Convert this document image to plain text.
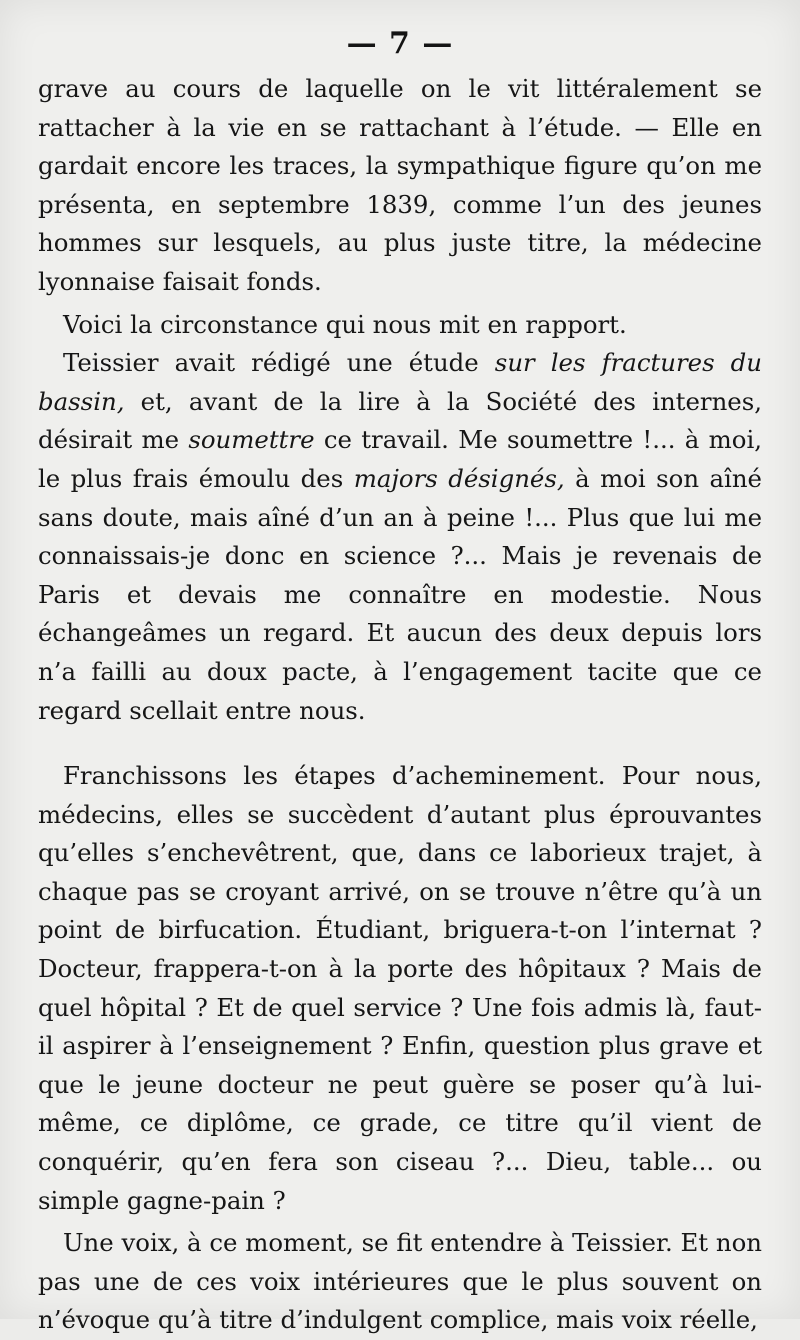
— 7 —

grave au cours de laquelle on le vit littéralement se rattacher à la vie en se rattachant à l’étude. — Elle en gardait encore les traces, la sympathique figure qu’on me présenta, en septembre 1839, comme l’un des jeunes hommes sur lesquels, au plus juste titre, la médecine lyonnaise faisait fonds.

Voici la circonstance qui nous mit en rapport.

Teissier avait rédigé une étude sur les fractures du bassin, et, avant de la lire à la Société des internes, désirait me soumettre ce travail. Me soumettre !... à moi, le plus frais émoulu des majors désignés, à moi son aîné sans doute, mais aîné d’un an à peine !... Plus que lui me connaissais-je donc en science ?... Mais je revenais de Paris et devais me connaître en modestie. Nous échangeâmes un regard. Et aucun des deux depuis lors n’a failli au doux pacte, à l’engagement tacite que ce regard scellait entre nous.

Franchissons les étapes d’acheminement. Pour nous, médecins, elles se succèdent d’autant plus éprouvantes qu’elles s’enchevêtrent, que, dans ce laborieux trajet, à chaque pas se croyant arrivé, on se trouve n’être qu’à un point de birfucation. Étudiant, briguera-t-on l’internat ? Docteur, frappera-t-on à la porte des hôpitaux ? Mais de quel hôpital ? Et de quel service ? Une fois admis là, faut-il aspirer à l’enseignement ? Enfin, question plus grave et que le jeune docteur ne peut guère se poser qu’à lui-même, ce diplôme, ce grade, ce titre qu’il vient de conquérir, qu’en fera son ciseau ?... Dieu, table... ou simple gagne-pain ?

Une voix, à ce moment, se fit entendre à Teissier. Et non pas une de ces voix intérieures que le plus souvent on n’évoque qu’à titre d’indulgent complice, mais voix réelle,
